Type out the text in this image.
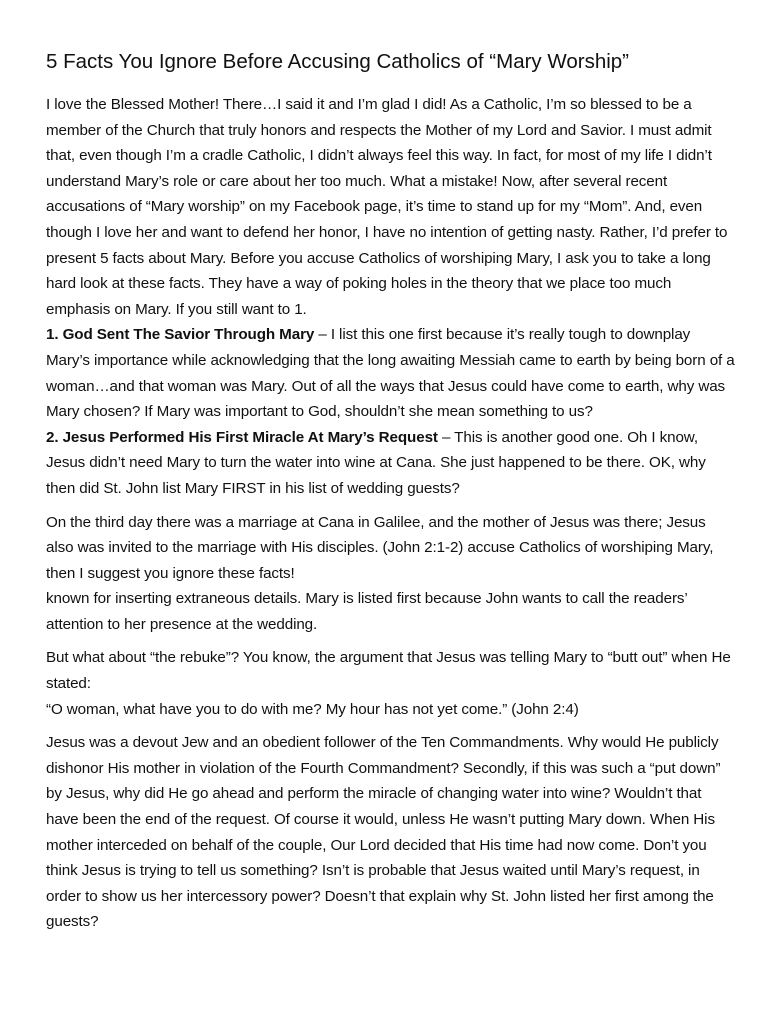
5 Facts You Ignore Before Accusing Catholics of “Mary Worship”

I love the Blessed Mother! There…I said it and I’m glad I did! As a Catholic, I’m so blessed to be a member of the Church that truly honors and respects the Mother of my Lord and Savior. I must admit that, even though I’m a cradle Catholic, I didn’t always feel this way. In fact, for most of my life I didn’t understand Mary’s role or care about her too much. What a mistake! Now, after several recent accusations of “Mary worship” on my Facebook page, it’s time to stand up for my “Mom”. And, even though I love her and want to defend her honor, I have no intention of getting nasty. Rather, I’d prefer to present 5 facts about Mary. Before you accuse Catholics of worshiping Mary, I ask you to take a long hard look at these facts. They have a way of poking holes in the theory that we place too much emphasis on Mary. If you still want to 1.

1. God Sent The Savior Through Mary – I list this one first because it’s really tough to downplay Mary’s importance while acknowledging that the long awaiting Messiah came to earth by being born of a woman…and that woman was Mary. Out of all the ways that Jesus could have come to earth, why was Mary chosen? If Mary was important to God, shouldn’t she mean something to us?

2. Jesus Performed His First Miracle At Mary’s Request – This is another good one. Oh I know, Jesus didn’t need Mary to turn the water into wine at Cana. She just happened to be there. OK, why then did St. John list Mary FIRST in his list of wedding guests?

On the third day there was a marriage at Cana in Galilee, and the mother of Jesus was there; Jesus also was invited to the marriage with His disciples. (John 2:1-2) accuse Catholics of worshiping Mary, then I suggest you ignore these facts!

known for inserting extraneous details. Mary is listed first because John wants to call the readers’ attention to her presence at the wedding.

But what about “the rebuke”? You know, the argument that Jesus was telling Mary to “butt out” when He stated:

“O woman, what have you to do with me? My hour has not yet come.” (John 2:4)

Jesus was a devout Jew and an obedient follower of the Ten Commandments. Why would He publicly dishonor His mother in violation of the Fourth Commandment? Secondly, if this was such a “put down” by Jesus, why did He go ahead and perform the miracle of changing water into wine? Wouldn’t that have been the end of the request. Of course it would, unless He wasn’t putting Mary down. When His mother interceded on behalf of the couple, Our Lord decided that His time had now come. Don’t you think Jesus is trying to tell us something? Isn’t is probable that Jesus waited until Mary’s request, in order to show us her intercessory power? Doesn’t that explain why St. John listed her first among the guests?
